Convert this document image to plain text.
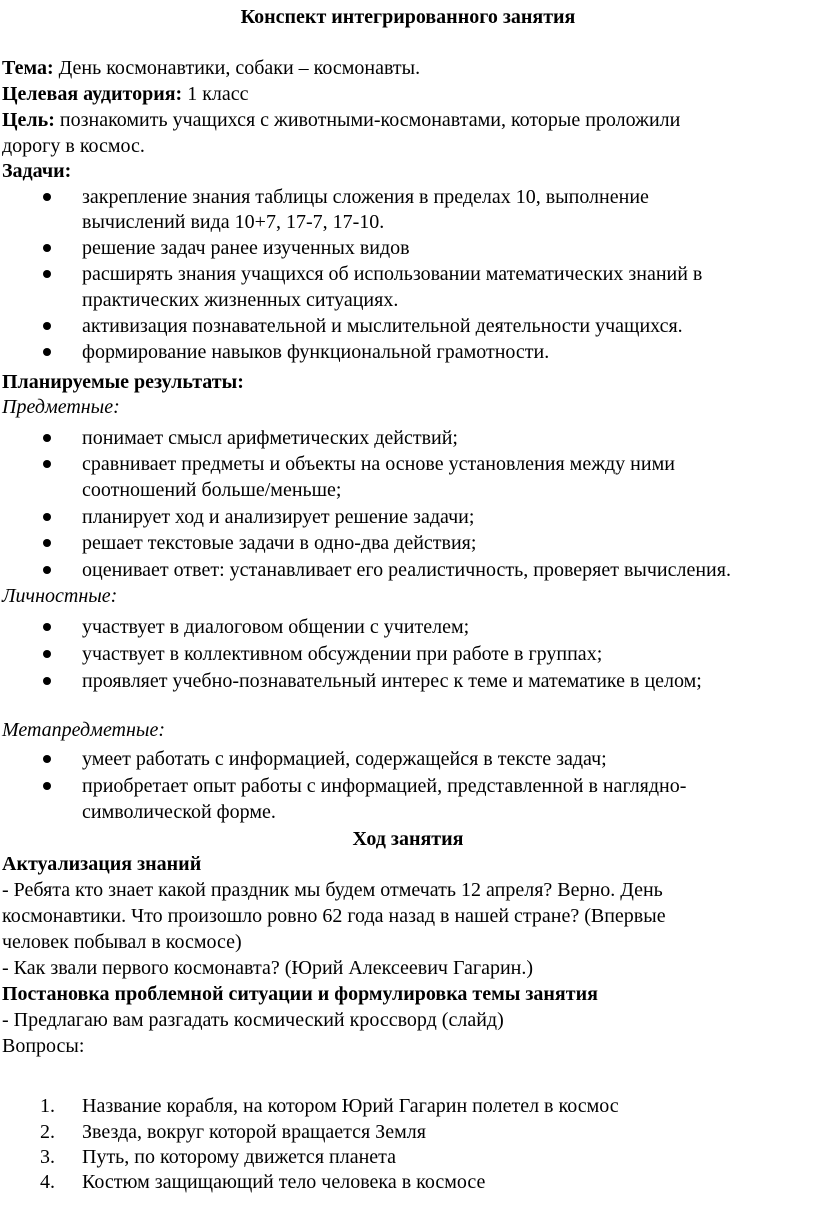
Конспект интегрированного занятия
Тема: День космонавтики, собаки – космонавты.
Целевая аудитория: 1 класс
Цель: познакомить учащихся с животными-космонавтами, которые проложили
дорогу в космос.
Задачи:
закрепление знания таблицы сложения в пределах 10, выполнение
вычислений вида 10+7, 17-7, 17-10.
решение задач ранее изученных видов
расширять знания учащихся об использовании математических знаний в
практических жизненных ситуациях.
активизация познавательной и мыслительной деятельности учащихся.
формирование навыков функциональной грамотности.
Планируемые результаты:
Предметные:
понимает смысл арифметических действий;
сравнивает предметы и объекты на основе установления между ними
соотношений больше/меньше;
планирует ход и анализирует решение задачи;
решает текстовые задачи в одно-два действия;
оценивает ответ: устанавливает его реалистичность, проверяет вычисления.
Личностные:
участвует в диалоговом общении с учителем;
участвует в коллективном обсуждении при работе в группах;
проявляет учебно-познавательный интерес к теме и математике в целом;
Метапредметные:
умеет работать с информацией, содержащейся в тексте задач;
приобретает опыт работы с информацией, представленной в наглядно-
символической форме.
Ход занятия
Актуализация знаний
- Ребята кто знает какой праздник мы будем отмечать 12 апреля? Верно. День
космонавтики. Что произошло ровно 62 года назад в нашей стране? (Впервые
человек побывал в космосе)
- Как звали первого космонавта? (Юрий Алексеевич Гагарин.)
Постановка проблемной ситуации и формулировка темы занятия
- Предлагаю вам разгадать космический кроссворд (слайд)
Вопросы:
1. Название корабля, на котором Юрий Гагарин полетел в космос
2. Звезда, вокруг которой вращается Земля
3. Путь, по которому движется планета
4. Костюм защищающий тело человека в космосе
